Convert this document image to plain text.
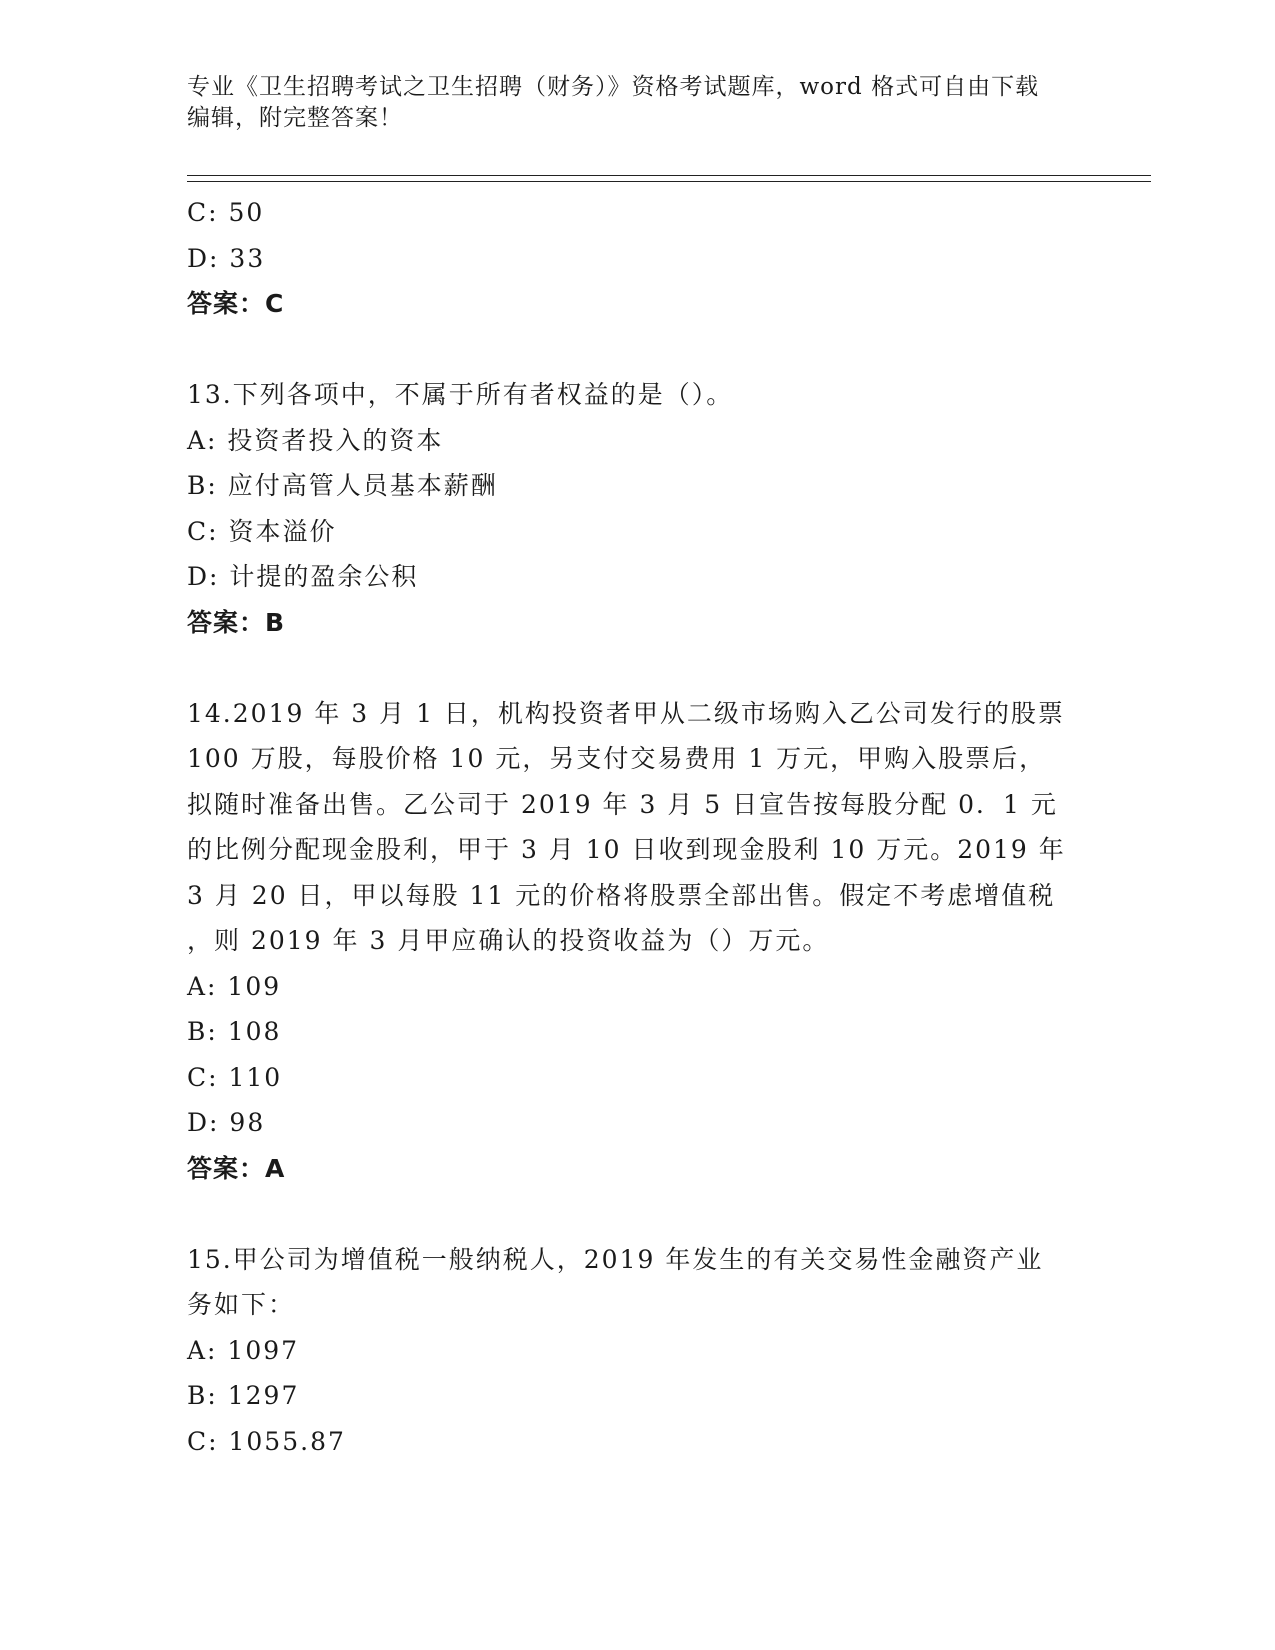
专业《卫生招聘考试之卫生招聘（财务）》资格考试题库，word 格式可自由下载
编辑，附完整答案！
C: 50
D: 33
答案：C
13.下列各项中，不属于所有者权益的是（）。
A: 投资者投入的资本
B: 应付高管人员基本薪酬
C: 资本溢价
D: 计提的盈余公积
答案：B
14.2019 年 3 月 1 日，机构投资者甲从二级市场购入乙公司发行的股票
100 万股，每股价格 10 元，另支付交易费用 1 万元，甲购入股票后，
拟随时准备出售。乙公司于 2019 年 3 月 5 日宣告按每股分配 0．1 元
的比例分配现金股利，甲于 3 月 10 日收到现金股利 10 万元。2019 年
3 月 20 日，甲以每股 11 元的价格将股票全部出售。假定不考虑增值税
，则 2019 年 3 月甲应确认的投资收益为（）万元。
A: 109
B: 108
C: 110
D: 98
答案：A
15.甲公司为增值税一般纳税人，2019 年发生的有关交易性金融资产业
务如下：
A: 1097
B: 1297
C: 1055.87
